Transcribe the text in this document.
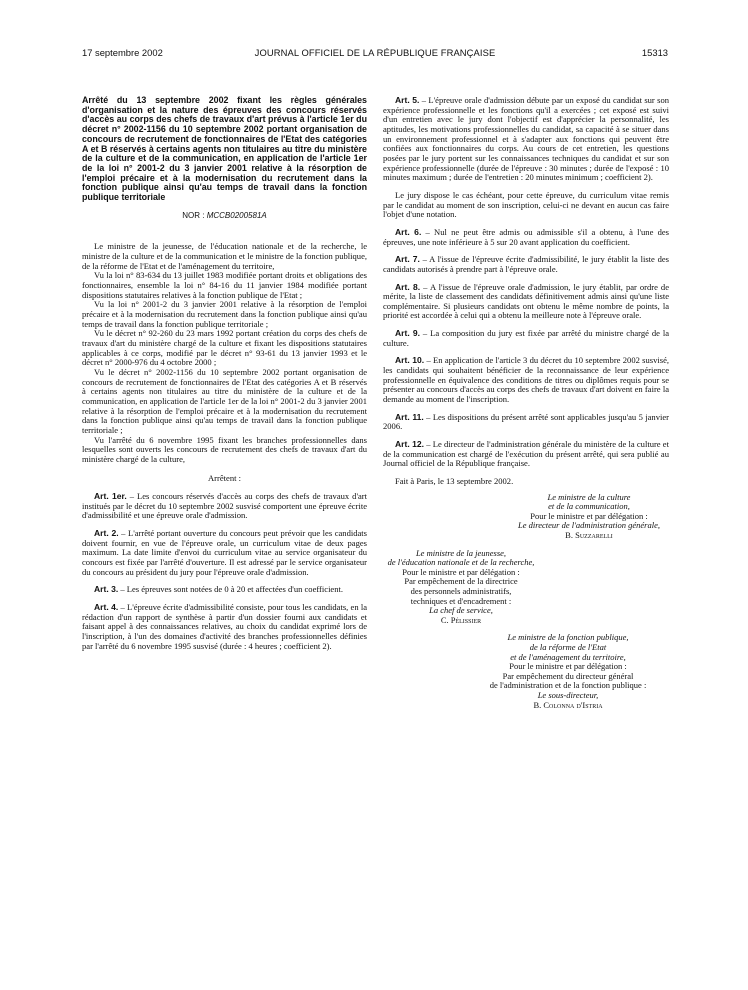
17 septembre 2002	JOURNAL OFFICIEL DE LA RÉPUBLIQUE FRANÇAISE	15313
Arrêté du 13 septembre 2002 fixant les règles générales d'organisation et la nature des épreuves des concours réservés d'accès au corps des chefs de travaux d'art prévus à l'article 1er du décret n° 2002-1156 du 10 septembre 2002 portant organisation de concours de recrutement de fonctionnaires de l'Etat des catégories A et B réservés à certains agents non titulaires au titre du ministère de la culture et de la communication, en application de l'article 1er de la loi n° 2001-2 du 3 janvier 2001 relative à la résorption de l'emploi précaire et à la modernisation du recrutement dans la fonction publique ainsi qu'au temps de travail dans la fonction publique territoriale
NOR : MCCB0200581A

Le ministre de la jeunesse, de l'éducation nationale et de la recherche, le ministre de la culture et de la communication et le ministre de la fonction publique, de la réforme de l'Etat et de l'aménagement du territoire,

Vu la loi n° 83-634 du 13 juillet 1983 modifiée portant droits et obligations des fonctionnaires, ensemble la loi n° 84-16 du 11 janvier 1984 modifiée portant dispositions statutaires relatives à la fonction publique de l'Etat ;

Vu la loi n° 2001-2 du 3 janvier 2001 relative à la résorption de l'emploi précaire et à la modernisation du recrutement dans la fonction publique ainsi qu'au temps de travail dans la fonction publique territoriale ;

Vu le décret n° 92-260 du 23 mars 1992 portant création du corps des chefs de travaux d'art du ministère chargé de la culture et fixant les dispositions statutaires applicables à ce corps, modifié par le décret n° 93-61 du 13 janvier 1993 et le décret n° 2000-976 du 4 octobre 2000 ;

Vu le décret n° 2002-1156 du 10 septembre 2002 portant organisation de concours de recrutement de fonctionnaires de l'Etat des catégories A et B réservés à certains agents non titulaires au titre du ministère de la culture et de la communication, en application de l'article 1er de la loi n° 2001-2 du 3 janvier 2001 relative à la résorption de l'emploi précaire et à la modernisation du recrutement dans la fonction publique ainsi qu'au temps de travail dans la fonction publique territoriale ;

Vu l'arrêté du 6 novembre 1995 fixant les branches professionnelles dans lesquelles sont ouverts les concours de recrutement des chefs de travaux d'art du ministère chargé de la culture,

Arrêtent :

Art. 1er. – Les concours réservés d'accès au corps des chefs de travaux d'art institués par le décret du 10 septembre 2002 susvisé comportent une épreuve écrite d'admissibilité et une épreuve orale d'admission.

Art. 2. – L'arrêté portant ouverture du concours peut prévoir que les candidats doivent fournir, en vue de l'épreuve orale, un curriculum vitae de deux pages maximum. La date limite d'envoi du curriculum vitae au service organisateur du concours est fixée par l'arrêté d'ouverture. Il est adressé par le service organisateur du concours au président du jury pour l'épreuve orale d'admission.

Art. 3. – Les épreuves sont notées de 0 à 20 et affectées d'un coefficient.

Art. 4. – L'épreuve écrite d'admissibilité consiste, pour tous les candidats, en la rédaction d'un rapport de synthèse à partir d'un dossier fourni aux candidats et faisant appel à des connaissances relatives, au choix du candidat exprimé lors de l'inscription, à l'un des domaines d'activité des branches professionnelles définies par l'arrêté du 6 novembre 1995 susvisé (durée : 4 heures ; coefficient 2).

Art. 5. – L'épreuve orale d'admission débute par un exposé du candidat sur son expérience professionnelle et les fonctions qu'il a exercées ; cet exposé est suivi d'un entretien avec le jury dont l'objectif est d'apprécier la personnalité, les aptitudes, les motivations professionnelles du candidat, sa capacité à se situer dans un environnement professionnel et à s'adapter aux fonctions qui peuvent être confiées aux fonctionnaires du corps. Au cours de cet entretien, les questions posées par le jury portent sur les connaissances techniques du candidat et sur son expérience professionnelle (durée de l'épreuve : 30 minutes ; durée de l'exposé : 10 minutes maximum ; durée de l'entretien : 20 minutes minimum ; coefficient 2).

Le jury dispose le cas échéant, pour cette épreuve, du curriculum vitae remis par le candidat au moment de son inscription, celui-ci ne devant en aucun cas faire l'objet d'une notation.

Art. 6. – Nul ne peut être admis ou admissible s'il a obtenu, à l'une des épreuves, une note inférieure à 5 sur 20 avant application du coefficient.

Art. 7. – A l'issue de l'épreuve écrite d'admissibilité, le jury établit la liste des candidats autorisés à prendre part à l'épreuve orale.

Art. 8. – A l'issue de l'épreuve orale d'admission, le jury établit, par ordre de mérite, la liste de classement des candidats définitivement admis ainsi qu'une liste complémentaire. Si plusieurs candidats ont obtenu le même nombre de points, la priorité est accordée à celui qui a obtenu la meilleure note à l'épreuve orale.

Art. 9. – La composition du jury est fixée par arrêté du ministre chargé de la culture.

Art. 10. – En application de l'article 3 du décret du 10 septembre 2002 susvisé, les candidats qui souhaitent bénéficier de la reconnaissance de leur expérience professionnelle en équivalence des conditions de titres ou diplômes requis pour se présenter au concours d'accès au corps des chefs de travaux d'art doivent en faire la demande au moment de l'inscription.

Art. 11. – Les dispositions du présent arrêté sont applicables jusqu'au 5 janvier 2006.

Art. 12. – Le directeur de l'administration générale du ministère de la culture et de la communication est chargé de l'exécution du présent arrêté, qui sera publié au Journal officiel de la République française.

Fait à Paris, le 13 septembre 2002.

Le ministre de la culture
et de la communication,
Pour le ministre et par délégation :
Le directeur de l'administration générale,
B. Suzzarelli
Le ministre de la jeunesse,
de l'éducation nationale et de la recherche,
Pour le ministre et par délégation :
Par empêchement de la directrice
des personnels administratifs,
techniques et d'encadrement :
La chef de service,
C. Pélissier
Le ministre de la fonction publique,
de la réforme de l'Etat
et de l'aménagement du territoire,
Pour le ministre et par délégation :
Par empêchement du directeur général
de l'administration et de la fonction publique :
Le sous-directeur,
B. Colonna d'Istria
